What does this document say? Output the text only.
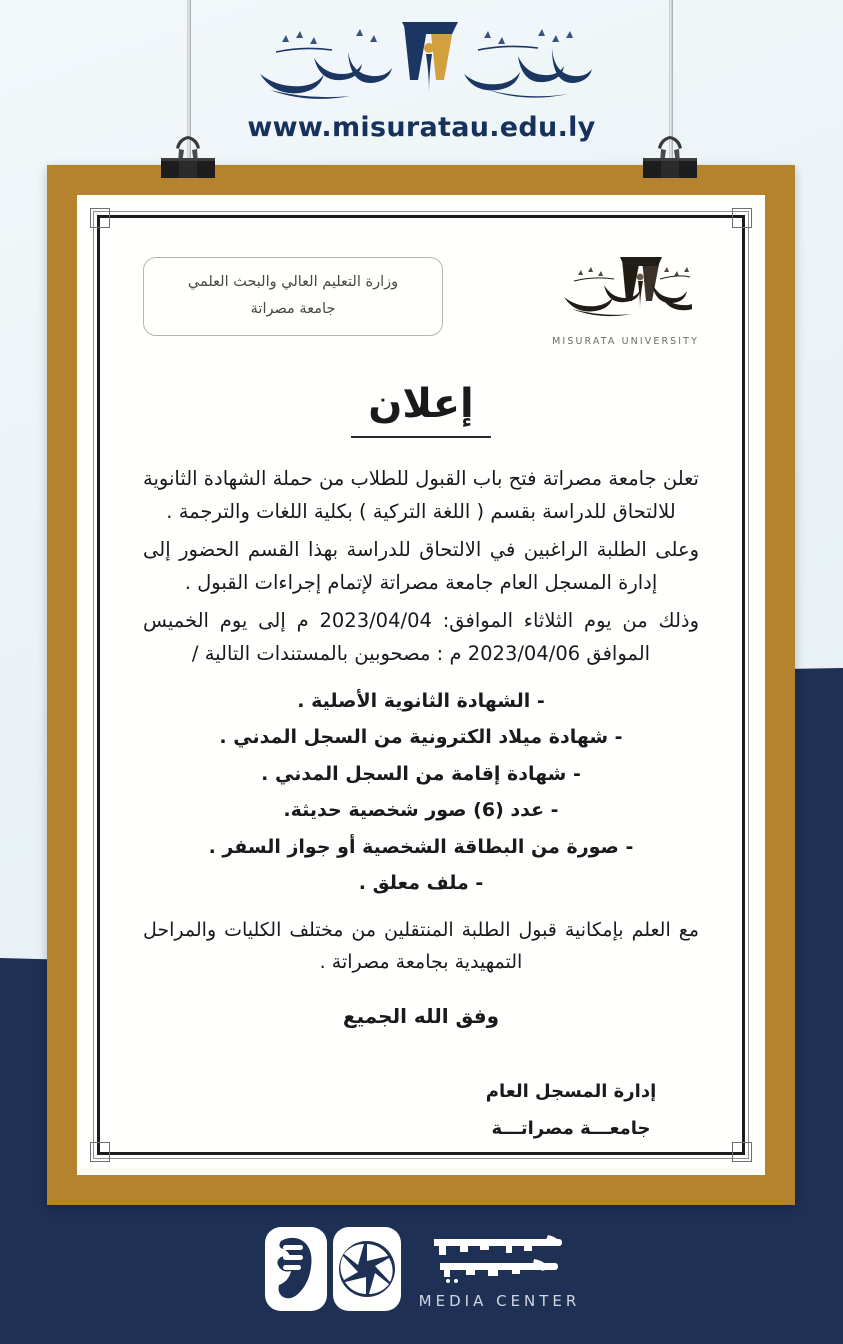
www.misuratau.edu.ly
MISURATA UNIVERSITY
وزارة التعليم العالي والبحث العلمي
جامعة مصراتة
إعلان

تعلن جامعة مصراتة فتح باب القبول للطلاب من حملة الشهادة الثانوية للالتحاق للدراسة بقسم ( اللغة التركية ) بكلية اللغات والترجمة .

وعلى الطلبة الراغبين في الالتحاق للدراسة بهذا القسم الحضور إلى إدارة المسجل العام جامعة مصراتة لإتمام إجراءات القبول .

وذلك من يوم الثلاثاء الموافق: 2023/04/04 م إلى يوم الخميس الموافق 2023/04/06 م : مصحوبين بالمستندات التالية /

- الشهادة الثانوية الأصلية .
- شهادة ميلاد الكترونية من السجل المدني .
- شهادة إقامة من السجل المدني .
- عدد (6) صور شخصية حديثة.
- صورة من البطاقة الشخصية أو جواز السفر .
- ملف معلق .

مع العلم بإمكانية قبول الطلبة المنتقلين من مختلف الكليات والمراحل التمهيدية بجامعة مصراتة .

وفق الله الجميع
إدارة المسجل العام
جامعـــة مصراتـــة
MEDIA CENTER
